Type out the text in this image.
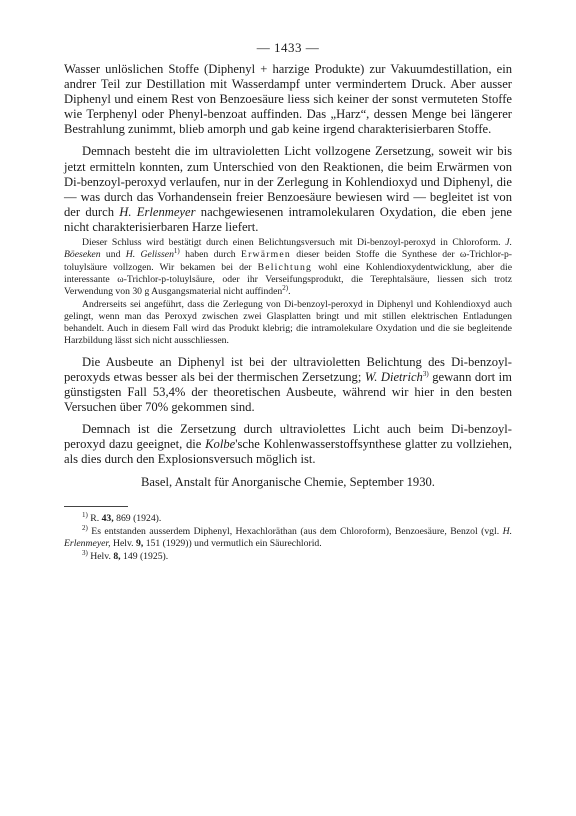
— 1433 —

Wasser unlöslichen Stoffe (Diphenyl + harzige Produkte) zur Vakuumdestillation, ein andrer Teil zur Destillation mit Wasserdampf unter vermindertem Druck. Aber ausser Diphenyl und einem Rest von Benzoesäure liess sich keiner der sonst vermuteten Stoffe wie Terphenyl oder Phenyl-benzoat auffinden. Das „Harz“, dessen Menge bei längerer Bestrahlung zunimmt, blieb amorph und gab keine irgend charakterisierbaren Stoffe.

Demnach besteht die im ultravioletten Licht vollzogene Zersetzung, soweit wir bis jetzt ermitteln konnten, zum Unterschied von den Reaktionen, die beim Erwärmen von Di-benzoyl-peroxyd verlaufen, nur in der Zerlegung in Kohlendioxyd und Diphenyl, die — was durch das Vorhandensein freier Benzoesäure bewiesen wird — begleitet ist von der durch H. Erlenmeyer nachgewiesenen intramolekularen Oxydation, die eben jene nicht charakterisierbaren Harze liefert.

Dieser Schluss wird bestätigt durch einen Belichtungsversuch mit Di-benzoyl-peroxyd in Chloroform. J. Böeseken und H. Gelissen$^{1)}$ haben durch Erwärmen dieser beiden Stoffe die Synthese der ω-Trichlor-p-toluylsäure vollzogen. Wir bekamen bei der Belichtung wohl eine Kohlendioxydentwicklung, aber die interessante ω-Trichlor-p-toluylsäure, oder ihr Verseifungsprodukt, die Terephtalsäure, liessen sich trotz Verwendung von 30 g Ausgangsmaterial nicht auffinden$^{2)}$.

Andrerseits sei angeführt, dass die Zerlegung von Di-benzoyl-peroxyd in Diphenyl und Kohlendioxyd auch gelingt, wenn man das Peroxyd zwischen zwei Glasplatten bringt und mit stillen elektrischen Entladungen behandelt. Auch in diesem Fall wird das Produkt klebrig; die intramolekulare Oxydation und die sie begleitende Harzbildung lässt sich nicht ausschliessen.

Die Ausbeute an Diphenyl ist bei der ultravioletten Belichtung des Di-benzoyl-peroxyds etwas besser als bei der thermischen Zersetzung; W. Dietrich$^{3)}$ gewann dort im günstigsten Fall 53,4% der theoretischen Ausbeute, während wir hier in den besten Versuchen über 70% gekommen sind.

Demnach ist die Zersetzung durch ultraviolettes Licht auch beim Di-benzoyl-peroxyd dazu geeignet, die Kolbe'sche Kohlenwasserstoffsynthese glatter zu vollziehen, als dies durch den Explosionsversuch möglich ist.

Basel, Anstalt für Anorganische Chemie, September 1930.

$^{1)}$ R. 43, 869 (1924).

$^{2)}$ Es entstanden ausserdem Diphenyl, Hexachloräthan (aus dem Chloroform), Benzoesäure, Benzol (vgl. H. Erlenmeyer, Helv. 9, 151 (1929)) und vermutlich ein Säurechlorid.

$^{3)}$ Helv. 8, 149 (1925).
